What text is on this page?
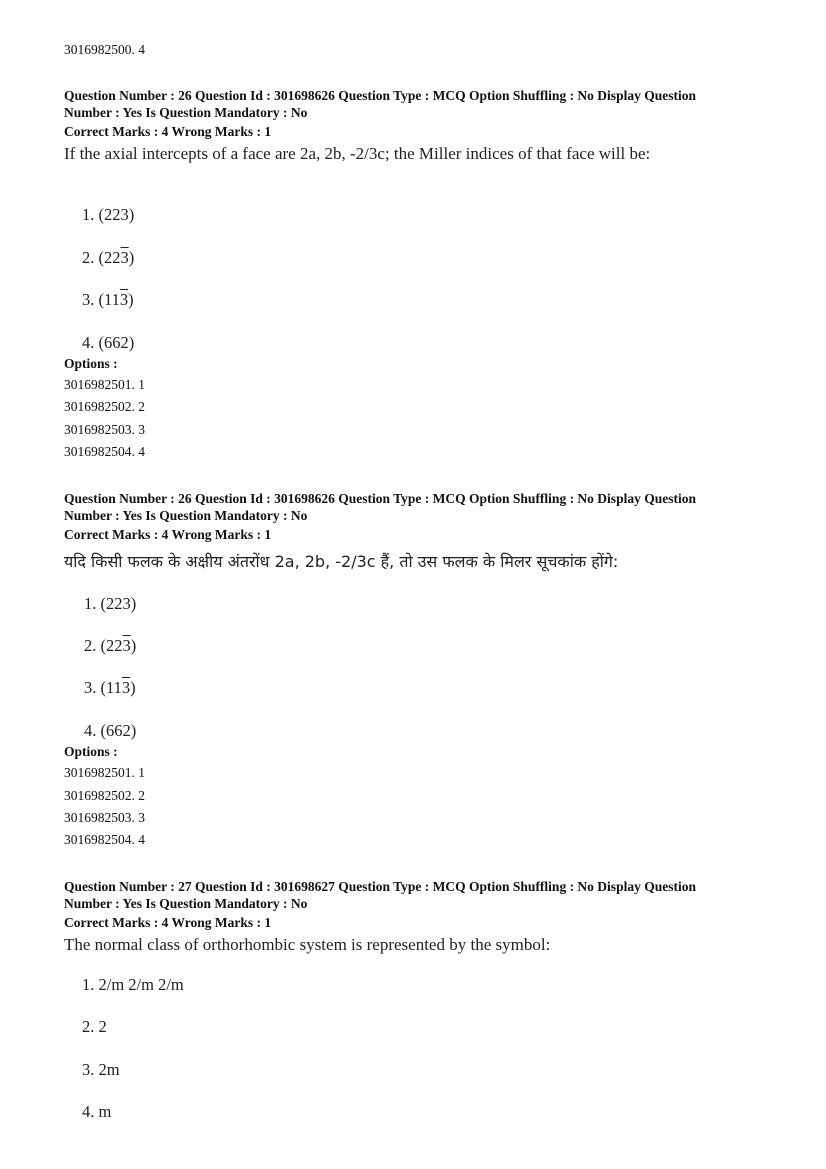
3016982500. 4
Question Number : 26 Question Id : 301698626 Question Type : MCQ Option Shuffling : No Display Question
Number : Yes Is Question Mandatory : No
Correct Marks : 4 Wrong Marks : 1
If the axial intercepts of a face are 2a, 2b, -2/3c; the Miller indices of that face will be:
1. (223)
2. (223)
3. (113)
4. (662)
Options :
3016982501. 1
3016982502. 2
3016982503. 3
3016982504. 4
Question Number : 26 Question Id : 301698626 Question Type : MCQ Option Shuffling : No Display Question
Number : Yes Is Question Mandatory : No
Correct Marks : 4 Wrong Marks : 1
यदि किसी फलक के अक्षीय अंतरोंध 2a, 2b, -2/3c हैं, तो उस फलक के मिलर सूचकांक होंगे:
1. (223)
2. (223)
3. (113)
4. (662)
Options :
3016982501. 1
3016982502. 2
3016982503. 3
3016982504. 4
Question Number : 27 Question Id : 301698627 Question Type : MCQ Option Shuffling : No Display Question
Number : Yes Is Question Mandatory : No
Correct Marks : 4 Wrong Marks : 1
The normal class of orthorhombic system is represented by the symbol:
1. 2/m 2/m 2/m
2. 2
3. 2m
4. m
